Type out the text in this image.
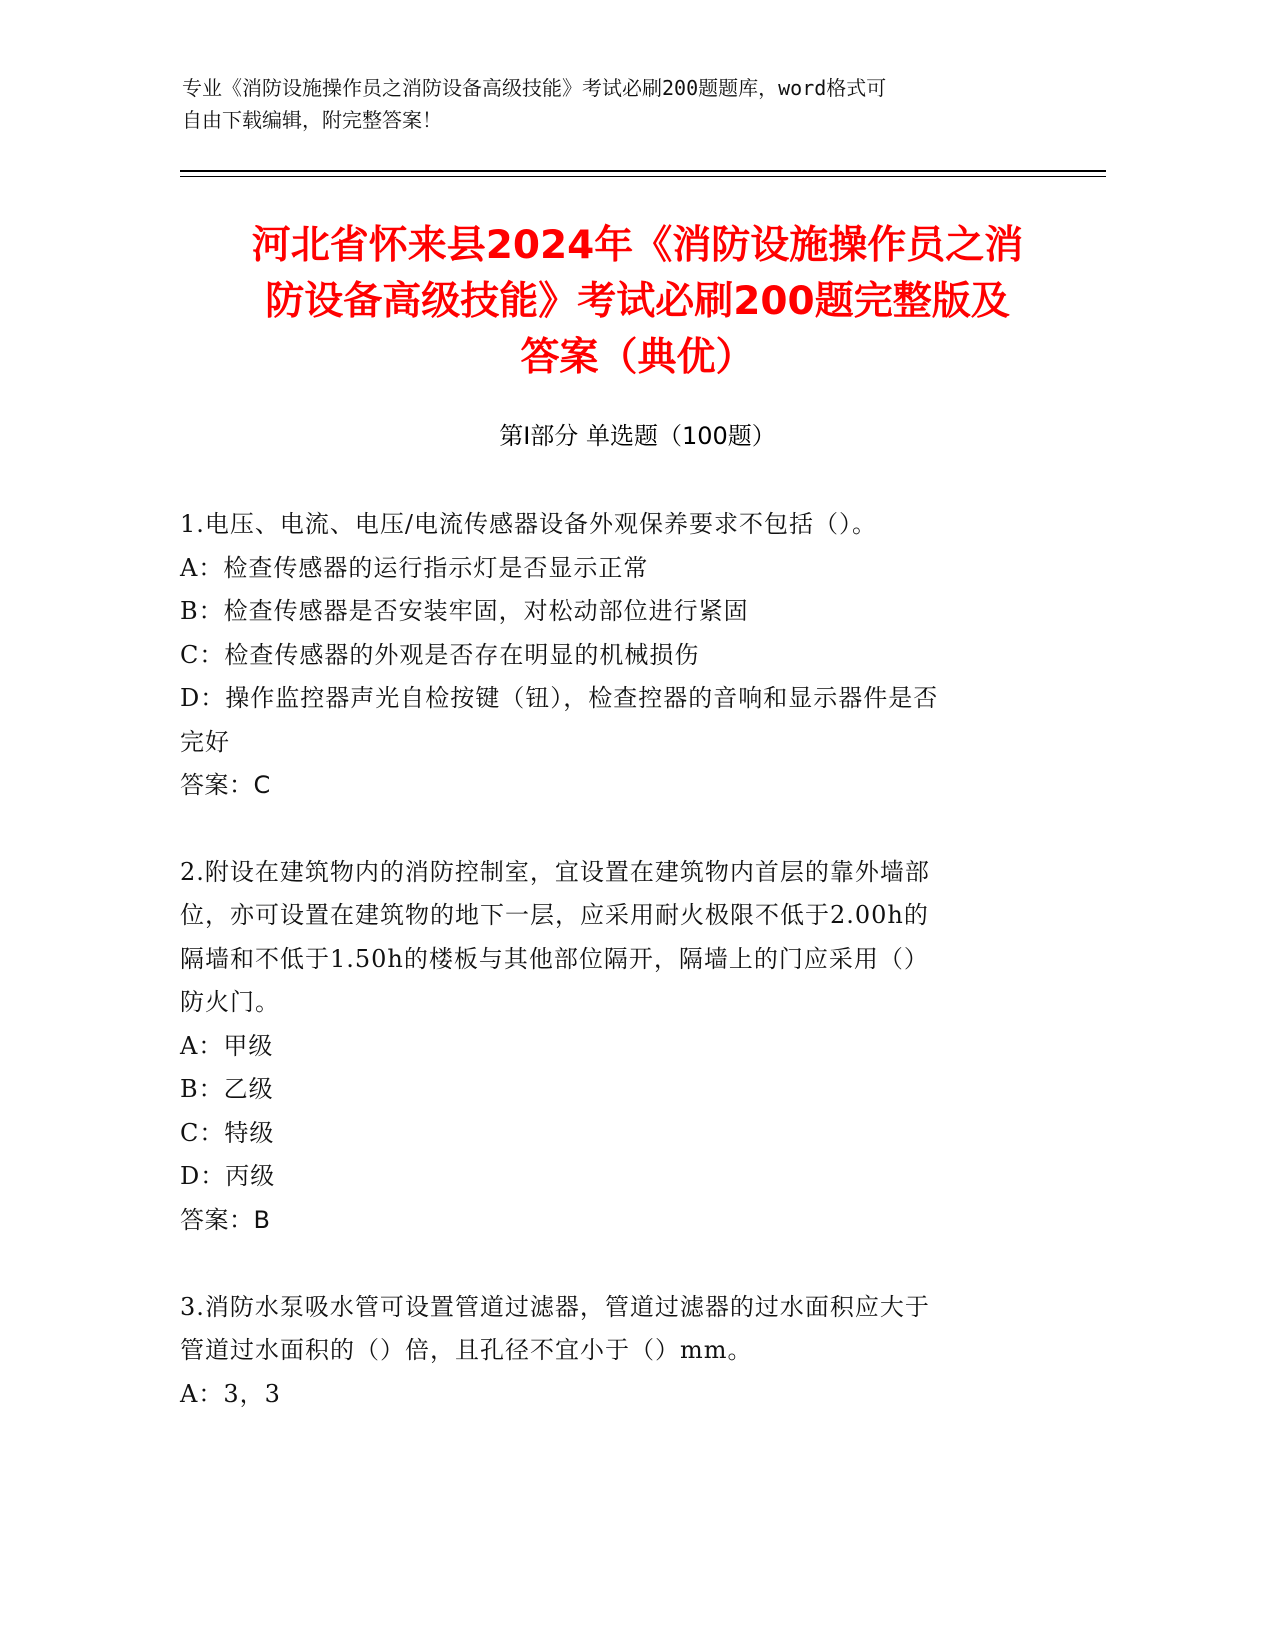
专业《消防设施操作员之消防设备高级技能》考试必刷200题题库，word格式可
自由下载编辑，附完整答案！
河北省怀来县2024年《消防设施操作员之消
防设备高级技能》考试必刷200题完整版及
答案（典优）
第Ⅰ部分 单选题（100题）
1.电压、电流、电压/电流传感器设备外观保养要求不包括（）。
A：检查传感器的运行指示灯是否显示正常
B：检查传感器是否安装牢固，对松动部位进行紧固
C：检查传感器的外观是否存在明显的机械损伤
D：操作监控器声光自检按键（钮），检查控器的音响和显示器件是否
完好
答案：C
2.附设在建筑物内的消防控制室，宜设置在建筑物内首层的靠外墙部
位，亦可设置在建筑物的地下一层，应采用耐火极限不低于2.00h的
隔墙和不低于1.50h的楼板与其他部位隔开，隔墙上的门应采用（）
防火门。
A：甲级
B：乙级
C：特级
D：丙级
答案：B
3.消防水泵吸水管可设置管道过滤器，管道过滤器的过水面积应大于
管道过水面积的（）倍，且孔径不宜小于（）mm。
A：3，3
